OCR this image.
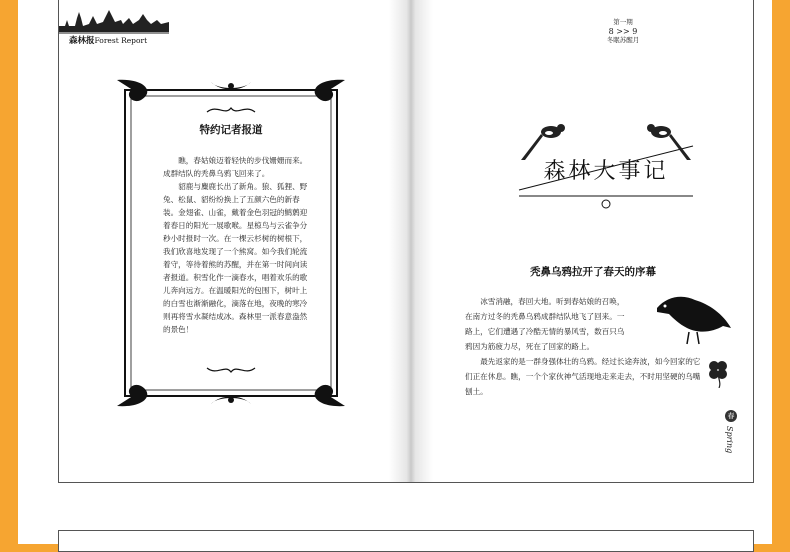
森林报Forest Report
特约记者报道

瞧，春姑娘迈着轻快的步伐姗姗而来。成群结队的秃鼻乌鸦飞回来了。

貂鹿与麋鹿长出了新角。狼、狐狸、野兔、松鼠、貂纷纷换上了五颜六色的新春装。金翅雀、山雀，戴着金色羽冠的鹪鹩迎着春日的阳光一展歌喉。星椋鸟与云雀争分秒小时报时一次。在一棵云杉树的树根下，我们欣喜地发现了一个熊窝。如今我们轮流着守，等待着熊的苏醒，并在第一时间向读者报道。积雪化作一滴春水，唱着欢乐的歌儿奔向远方。在温暖阳光的包围下，树叶上的白雪也渐渐融化，滴落在地，夜晚的寒冷则再将雪水凝结成冰。森林里一派春意盎然的景色！

第一期
8 >> 9
冬眠苏醒月
森林大事记
秃鼻乌鸦拉开了春天的序幕

冰雪消融，春回大地。听到春姑娘的召唤，在南方过冬的秃鼻乌鸦成群结队地飞了回来。一路上，它们遭遇了冷酷无情的暴风雪，数百只乌鸦因为筋疲力尽，死在了回家的路上。

最先返家的是一群身强体壮的乌鸦。经过长途奔波，如今回家的它们正在休息。瞧，一个个家伙神气活现地走来走去，不时用坚硬的乌嘴刨土。

春
Spring
